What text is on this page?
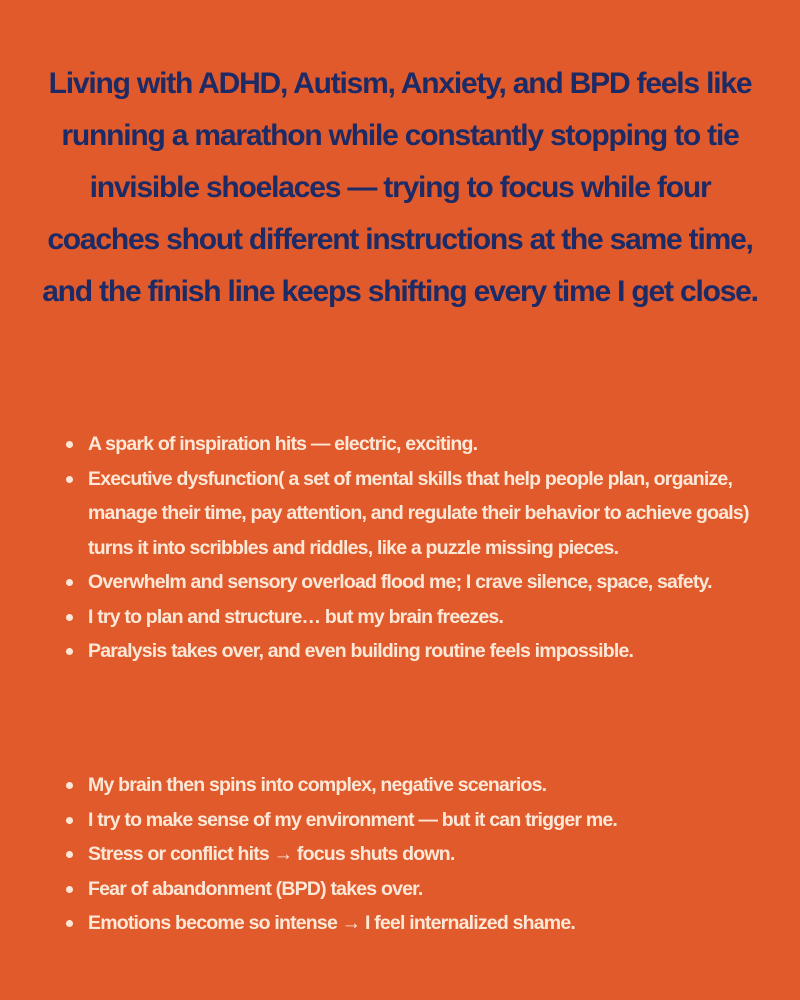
Living with ADHD, Autism, Anxiety, and BPD feels like running a marathon while constantly stopping to tie invisible shoelaces — trying to focus while four coaches shout different instructions at the same time, and the finish line keeps shifting every time I get close.
A spark of inspiration hits — electric, exciting.
Executive dysfunction( a set of mental skills that help people plan, organize, manage their time, pay attention, and regulate their behavior to achieve goals) turns it into scribbles and riddles, like a puzzle missing pieces.
Overwhelm and sensory overload flood me; I crave silence, space, safety.
I try to plan and structure… but my brain freezes.
Paralysis takes over, and even building routine feels impossible.
My brain then spins into complex, negative scenarios.
I try to make sense of my environment — but it can trigger me.
Stress or conflict hits → focus shuts down.
Fear of abandonment (BPD) takes over.
Emotions become so intense → I feel internalized shame.
